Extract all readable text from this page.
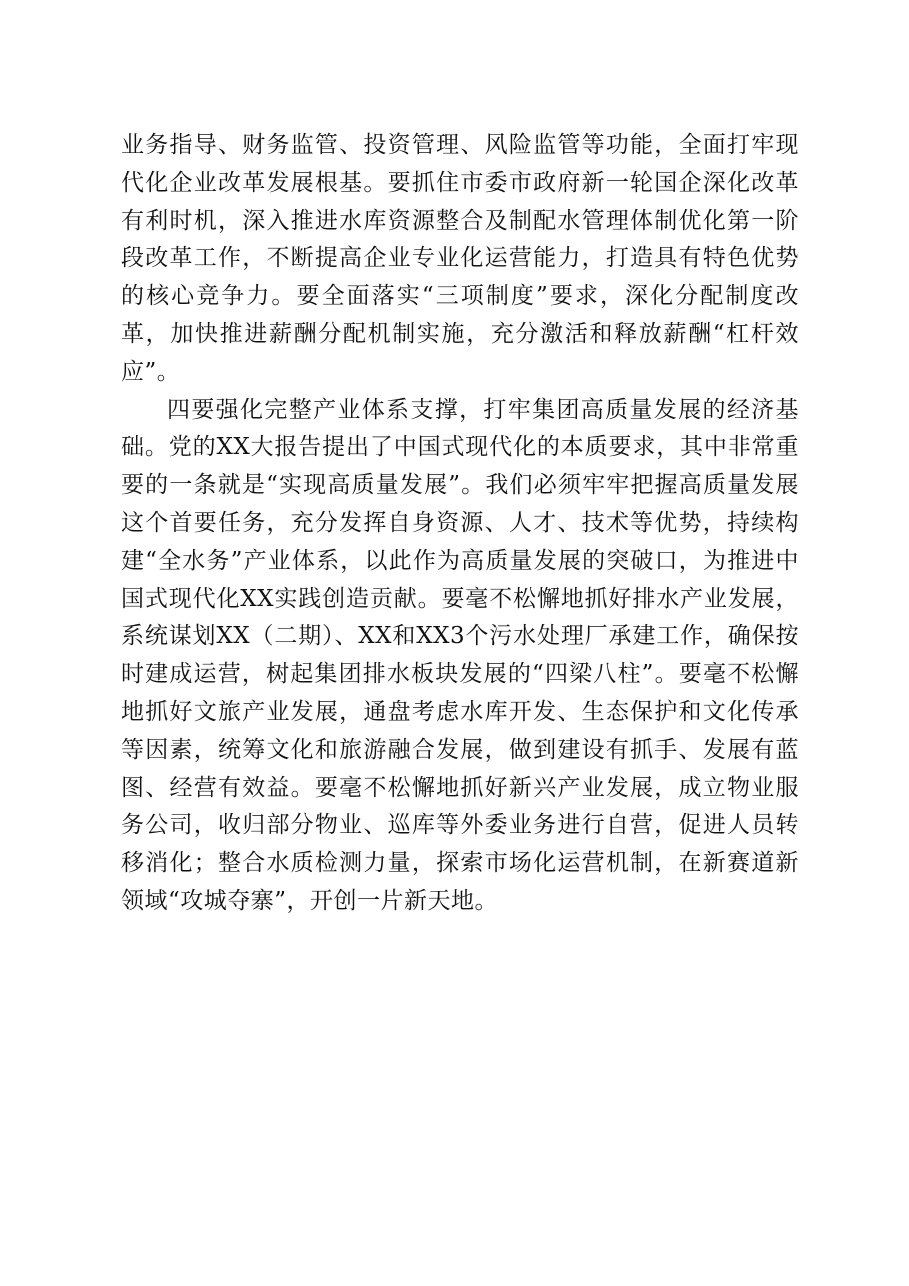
业务指导、财务监管、投资管理、风险监管等功能，全面打牢现代化企业改革发展根基。要抓住市委市政府新一轮国企深化改革有利时机，深入推进水库资源整合及制配水管理体制优化第一阶段改革工作，不断提高企业专业化运营能力，打造具有特色优势的核心竞争力。要全面落实“三项制度”要求，深化分配制度改革，加快推进薪酬分配机制实施，充分激活和释放薪酬“杠杆效应”。

四要强化完整产业体系支撑，打牢集团高质量发展的经济基础。党的XX大报告提出了中国式现代化的本质要求，其中非常重要的一条就是“实现高质量发展”。我们必须牢牢把握高质量发展这个首要任务，充分发挥自身资源、人才、技术等优势，持续构建“全水务”产业体系，以此作为高质量发展的突破口，为推进中国式现代化XX实践创造贡献。要毫不松懈地抓好排水产业发展，系统谋划XX（二期）、XX和XX3个污水处理厂承建工作，确保按时建成运营，树起集团排水板块发展的“四梁八柱”。要毫不松懈地抓好文旅产业发展，通盘考虑水库开发、生态保护和文化传承等因素，统筹文化和旅游融合发展，做到建设有抓手、发展有蓝图、经营有效益。要毫不松懈地抓好新兴产业发展，成立物业服务公司，收归部分物业、巡库等外委业务进行自营，促进人员转移消化；整合水质检测力量，探索市场化运营机制，在新赛道新领域“攻城夺寨”，开创一片新天地。
